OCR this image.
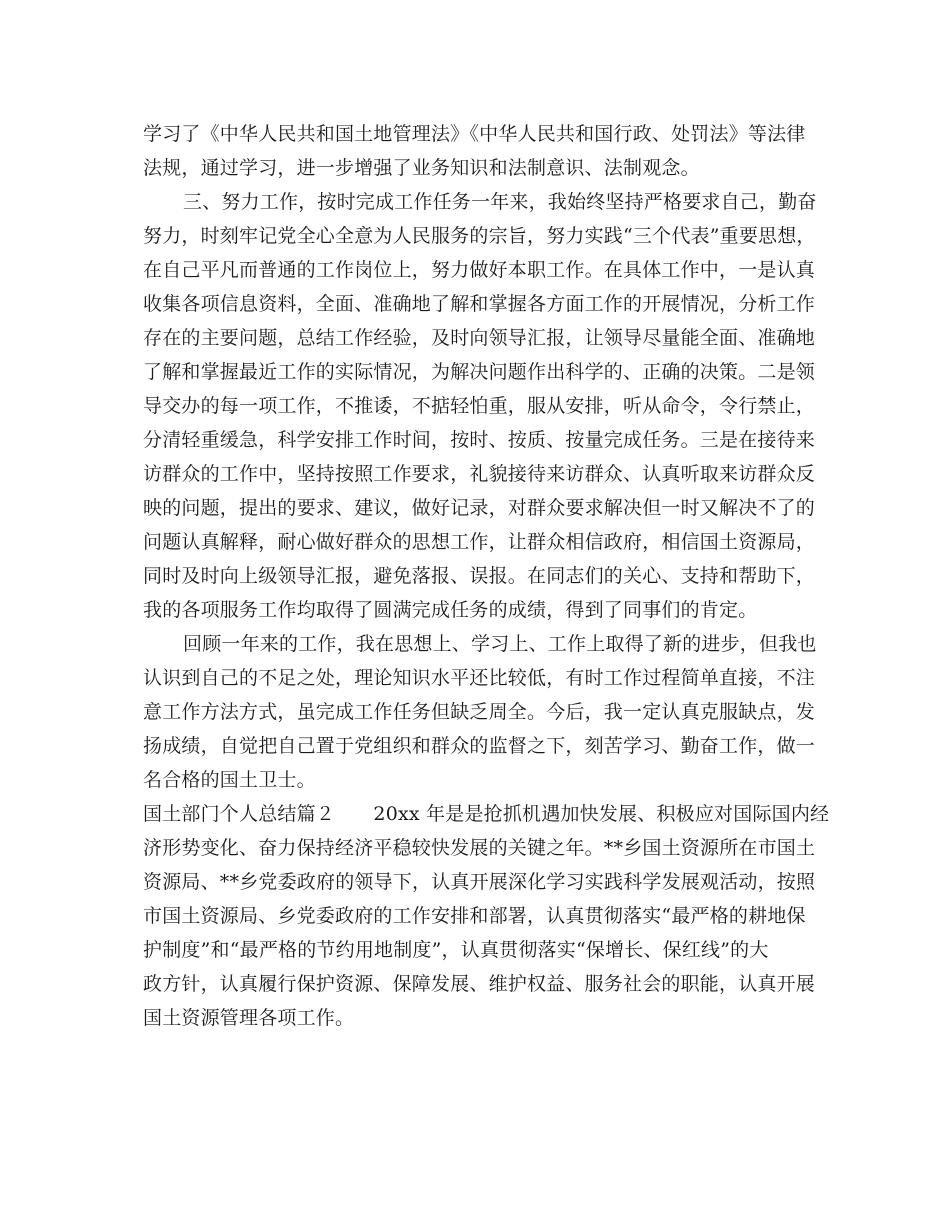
学习了《中华人民共和国土地管理法》《中华人民共和国行政、处罚法》等法律
法规，通过学习，进一步增强了业务知识和法制意识、法制观念。
三、努力工作，按时完成工作任务一年来，我始终坚持严格要求自己，勤奋
努力，时刻牢记党全心全意为人民服务的宗旨，努力实践“三个代表”重要思想，
在自己平凡而普通的工作岗位上，努力做好本职工作。在具体工作中，一是认真
收集各项信息资料，全面、准确地了解和掌握各方面工作的开展情况，分析工作
存在的主要问题，总结工作经验，及时向领导汇报，让领导尽量能全面、准确地
了解和掌握最近工作的实际情况，为解决问题作出科学的、正确的决策。二是领
导交办的每一项工作，不推诿，不掂轻怕重，服从安排，听从命令，令行禁止，
分清轻重缓急，科学安排工作时间，按时、按质、按量完成任务。三是在接待来
访群众的工作中，坚持按照工作要求，礼貌接待来访群众、认真听取来访群众反
映的问题，提出的要求、建议，做好记录，对群众要求解决但一时又解决不了的
问题认真解释，耐心做好群众的思想工作，让群众相信政府，相信国土资源局，
同时及时向上级领导汇报，避免落报、误报。在同志们的关心、支持和帮助下，
我的各项服务工作均取得了圆满完成任务的成绩，得到了同事们的肯定。
回顾一年来的工作，我在思想上、学习上、工作上取得了新的进步，但我也
认识到自己的不足之处，理论知识水平还比较低，有时工作过程简单直接，不注
意工作方法方式，虽完成工作任务但缺乏周全。今后，我一定认真克服缺点，发
扬成绩，自觉把自己置于党组织和群众的监督之下，刻苦学习、勤奋工作，做一
名合格的国土卫士。
国土部门个人总结篇２　　20xx 年是是抢抓机遇加快发展、积极应对国际国内经
济形势变化、奋力保持经济平稳较快发展的关键之年。**乡国土资源所在市国土
资源局、**乡党委政府的领导下，认真开展深化学习实践科学发展观活动，按照
市国土资源局、乡党委政府的工作安排和部署，认真贯彻落实“最严格的耕地保
护制度”和“最严格的节约用地制度”，认真贯彻落实“保增长、保红线”的大
政方针，认真履行保护资源、保障发展、维护权益、服务社会的职能，认真开展
国土资源管理各项工作。
